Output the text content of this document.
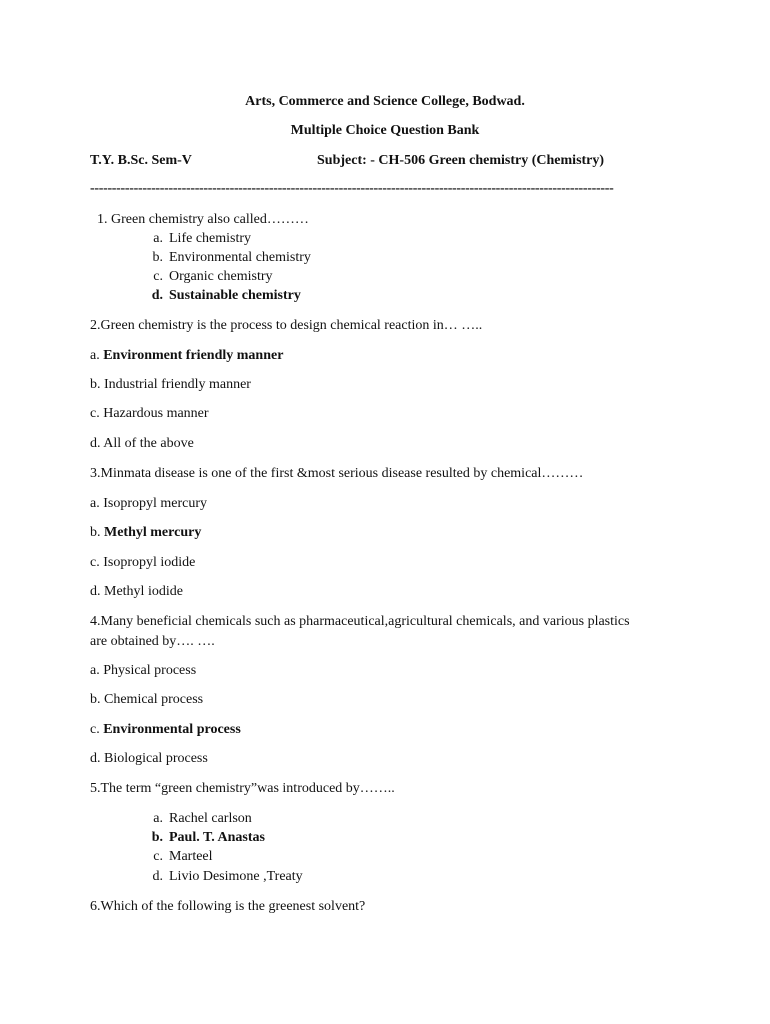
Arts, Commerce and Science College, Bodwad.
Multiple Choice Question Bank
T.Y. B.Sc. Sem-V	Subject: - CH-506 Green chemistry (Chemistry)
------------------------------------------------------------------------------------------------------------------------
1. Green chemistry also called………
a. Life chemistry
b. Environmental chemistry
c. Organic chemistry
d. Sustainable chemistry
2.Green chemistry is the process to design chemical reaction in… …..
a. Environment friendly manner
b. Industrial friendly manner
c. Hazardous manner
d. All of the above
3.Minmata disease is one of the first &most serious disease resulted by chemical………
a. Isopropyl mercury
b. Methyl mercury
c. Isopropyl iodide
d. Methyl iodide
4.Many beneficial chemicals such as pharmaceutical,agricultural chemicals, and various plastics
are obtained by…. ….
a. Physical process
b. Chemical process
c. Environmental process
d. Biological process
5.The term “green chemistry”was introduced by……..
a. Rachel carlson
b. Paul. T. Anastas
c. Marteel
d. Livio Desimone ,Treaty
6.Which of the following is the greenest solvent?
